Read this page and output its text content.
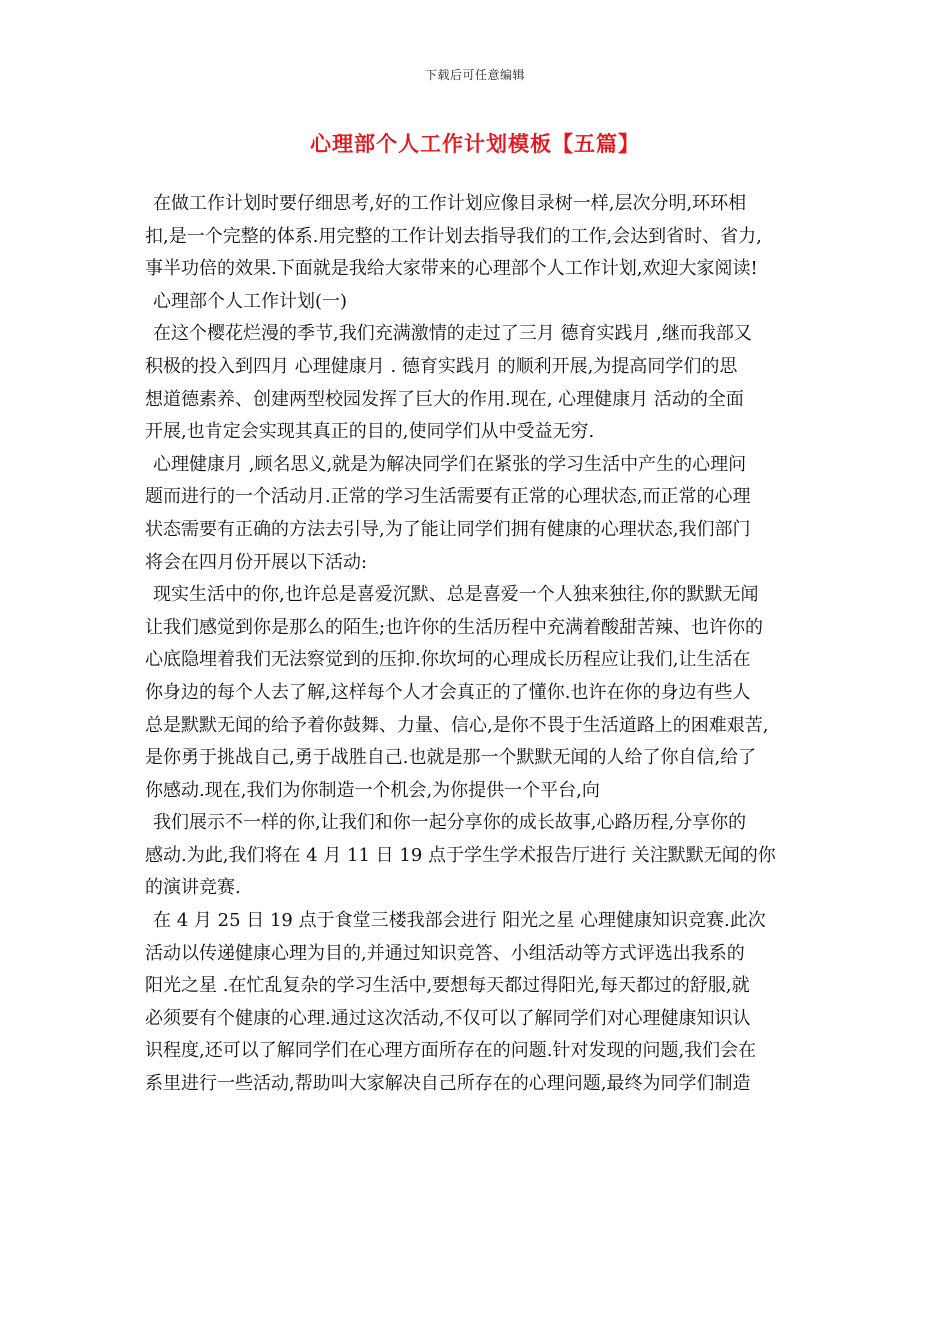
下载后可任意编辑
心理部个人工作计划模板【五篇】
在做工作计划时要仔细思考,好的工作计划应像目录树一样,层次分明,环环相
扣,是一个完整的体系.用完整的工作计划去指导我们的工作,会达到省时、省力,
事半功倍的效果.下面就是我给大家带来的心理部个人工作计划,欢迎大家阅读!
心理部个人工作计划(一)
在这个樱花烂漫的季节,我们充满激情的走过了三月 德育实践月 ,继而我部又
积极的投入到四月 心理健康月 . 德育实践月 的顺利开展,为提高同学们的思
想道德素养、创建两型校园发挥了巨大的作用.现在, 心理健康月 活动的全面
开展,也肯定会实现其真正的目的,使同学们从中受益无穷.
心理健康月 ,顾名思义,就是为解决同学们在紧张的学习生活中产生的心理问
题而进行的一个活动月.正常的学习生活需要有正常的心理状态,而正常的心理
状态需要有正确的方法去引导,为了能让同学们拥有健康的心理状态,我们部门
将会在四月份开展以下活动:
现实生活中的你,也许总是喜爱沉默、总是喜爱一个人独来独往,你的默默无闻
让我们感觉到你是那么的陌生;也许你的生活历程中充满着酸甜苦辣、也许你的
心底隐埋着我们无法察觉到的压抑.你坎坷的心理成长历程应让我们,让生活在
你身边的每个人去了解,这样每个人才会真正的了懂你.也许在你的身边有些人
总是默默无闻的给予着你鼓舞、力量、信心,是你不畏于生活道路上的困难艰苦,
是你勇于挑战自己,勇于战胜自己.也就是那一个默默无闻的人给了你自信,给了
你感动.现在,我们为你制造一个机会,为你提供一个平台,向
我们展示不一样的你,让我们和你一起分享你的成长故事,心路历程,分享你的
感动.为此,我们将在 4 月 11 日 19 点于学生学术报告厅进行 关注默默无闻的你
的演讲竞赛.
在 4 月 25 日 19 点于食堂三楼我部会进行 阳光之星 心理健康知识竞赛.此次
活动以传递健康心理为目的,并通过知识竞答、小组活动等方式评选出我系的
阳光之星 .在忙乱复杂的学习生活中,要想每天都过得阳光,每天都过的舒服,就
必须要有个健康的心理.通过这次活动,不仅可以了解同学们对心理健康知识认
识程度,还可以了解同学们在心理方面所存在的问题.针对发现的问题,我们会在
系里进行一些活动,帮助叫大家解决自己所存在的心理问题,最终为同学们制造
